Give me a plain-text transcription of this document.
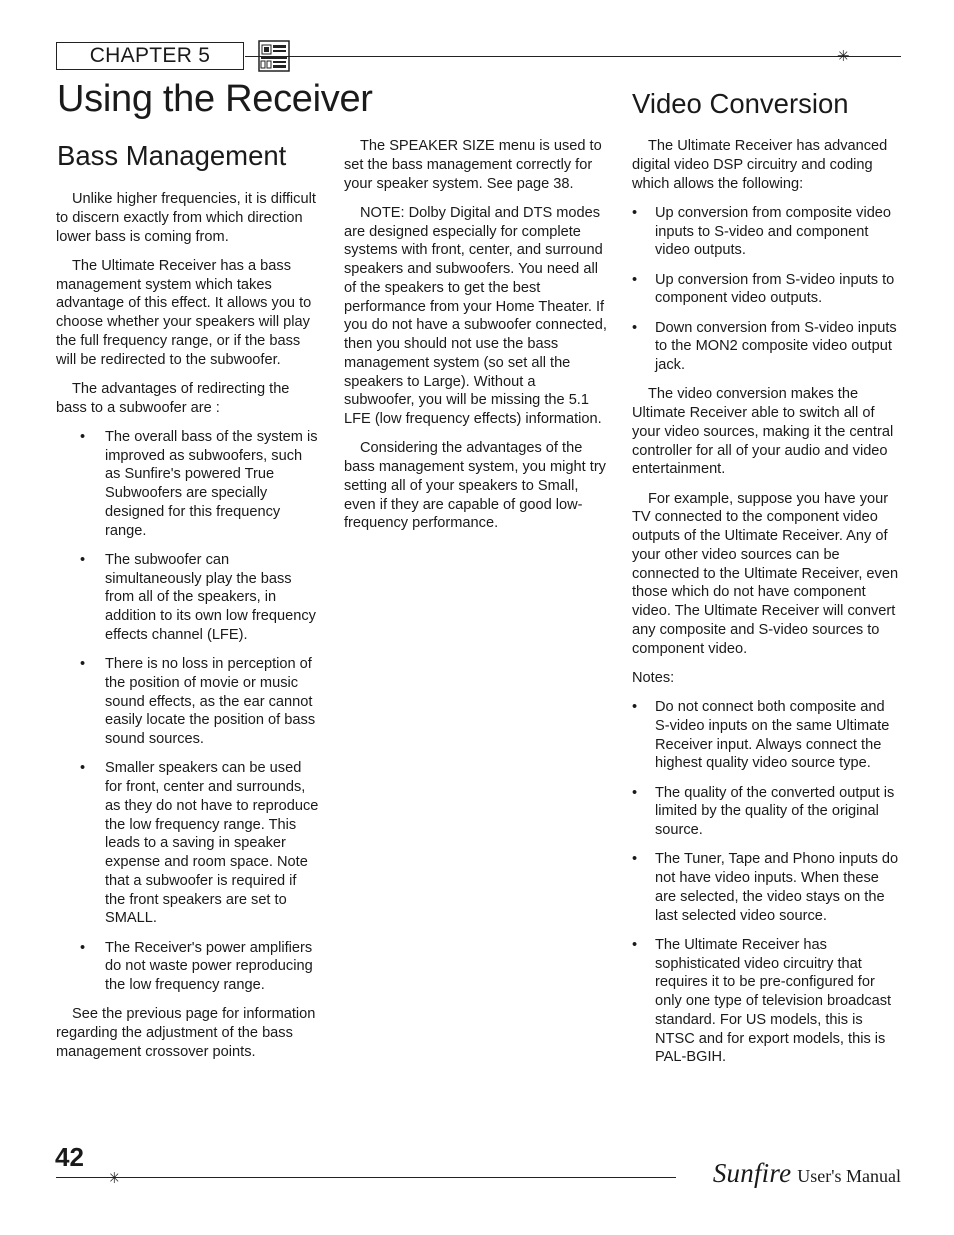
CHAPTER 5	✳
Using the Receiver
Bass Management
Video Conversion

Unlike higher frequencies, it is difficult to discern exactly from which direction lower bass is coming from.

The Ultimate Receiver has a bass management system which takes advantage of this effect. It allows you to choose whether your speakers will play the full frequency range, or if the bass will be redirected to the subwoofer.

The advantages of redirecting the bass to a subwoofer are :

• The overall bass of the system is improved as subwoofers, such as Sunfire's powered True Subwoofers are specially designed for this frequency range.
• The subwoofer can simultaneously play the bass from all of the speakers, in addition to its own low frequency effects channel (LFE).
• There is no loss in perception of the position of movie or music sound effects, as the ear cannot easily locate the position of bass sound sources.
• Smaller speakers can be used for front, center and surrounds, as they do not have to reproduce the low frequency range. This leads to a saving in speaker expense and room space. Note that a subwoofer is required if the front speakers are set to SMALL.
• The Receiver's power amplifiers do not waste power reproducing the low frequency range.

See the previous page for information regarding the adjustment of the bass management crossover points.

The SPEAKER SIZE menu is used to set the bass management correctly for your speaker system. See page 38.

NOTE: Dolby Digital and DTS modes are designed especially for complete systems with front, center, and surround speakers and subwoofers. You need all of the speakers to get the best performance from your Home Theater. If you do not have a subwoofer connected, then you should not use the bass management system (so set all the speakers to Large). Without a subwoofer, you will be missing the 5.1 LFE (low frequency effects) information.

Considering the advantages of the bass management system, you might try setting all of your speakers to Small, even if they are capable of good low-frequency performance.

The Ultimate Receiver has advanced digital video DSP circuitry and coding which allows the following:

• Up conversion from composite video inputs to S-video and component video outputs.
• Up conversion from S-video inputs to component video outputs.
• Down conversion from S-video inputs to the MON2 composite video output jack.

The video conversion makes the Ultimate Receiver able to switch all of your video sources, making it the central controller for all of your audio and video entertainment.

For example, suppose you have your TV connected to the component video outputs of the Ultimate Receiver. Any of your other video sources can be connected to the Ultimate Receiver, even those which do not have component video. The Ultimate Receiver will convert any composite and S-video sources to component video.

Notes:

• Do not connect both composite and S-video inputs on the same Ultimate Receiver input. Always connect the highest quality video source type.
• The quality of the converted output is limited by the quality of the original source.
• The Tuner, Tape and Phono inputs do not have video inputs. When these are selected, the video stays on the last selected video source.
• The Ultimate Receiver has sophisticated video circuitry that requires it to be pre-configured for only one type of television broadcast standard. For US models, this is NTSC and for export models, this is PAL-BGIH.
42
✳	Sunfire User's Manual
